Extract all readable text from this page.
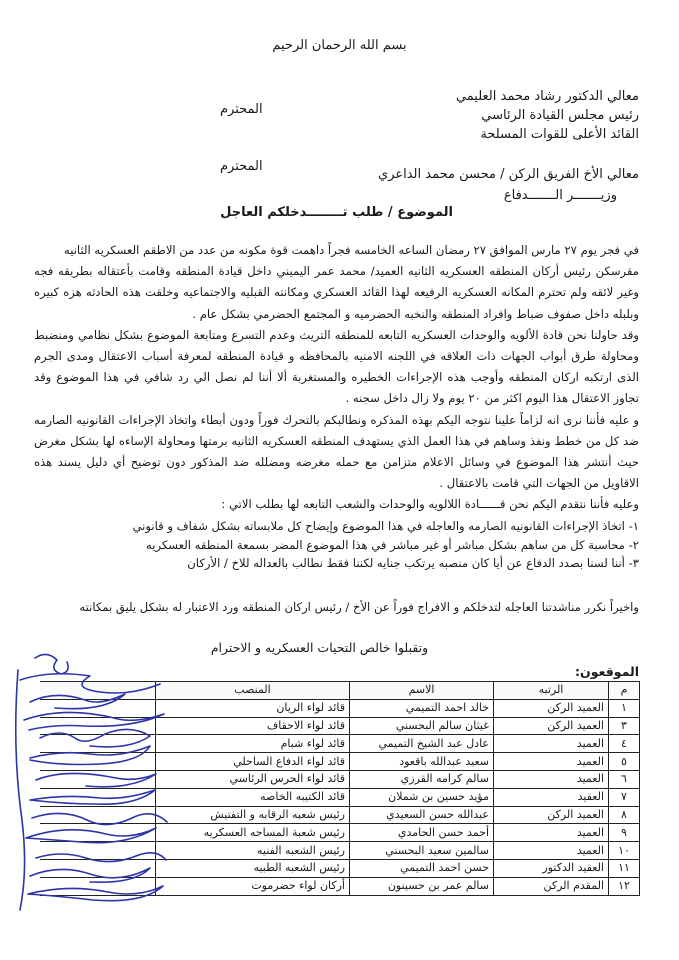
بسم الله الرحمان الرحيم
معالي الدكتور رشاد محمد العليمي
رئيس مجلس القيادة الرئاسي
القائد الأعلى للقوات المسلحة
المحترم
معالي الأخ الفريق الركن / محسن محمد الداعري
وزيـــــــر الـــــــدفاع
المحترم
الموضوع / طلب تــــــــدخلكم العاجل

في فجر يوم ٢٧ مارس الموافق ٢٧ رمضان الساعه الخامسه فجراً داهمت قوة مكونه من عدد من الاطقم العسكريه الثانيه

مقرسكن رئيس أركان المنطقه العسكريه الثانيه العميد/ محمد عمر اليميني داخل قيادة المنطقه وقامت بأعتقاله بطريقه فجه وغير لائقه ولم تحترم المكانه العسكريه الرفيعه لهذا القائد العسكري ومكانته القبليه والاجتماعيه وخلقت هذه الحادثه هزه كبيره وبلبله داخل صفوف ضباط وافراد المنطقه والنخبه الحضرميه و المجتمع الحضرمي بشكل عام .

وقد حاولنا نحن قادة الألويه والوحدات العسكريه التابعه للمنطقه التريث وعدم التسرع ومتابعة الموضوع بشكل نظامي ومنضبط ومحاولة طرق أبواب الجهات ذات العلاقه في اللجنه الامنيه بالمحافظه و قيادة المنطقه لمعرفة أسباب الاعتقال ومدى الجرم الذى ارتكبه اركان المنطقه وأوجب هذه الإجراءات الخطيره والمستغربة ألا أننا لم نصل الي رد شافي في هذا الموضوع وقد تجاوز الاعتقال هذا اليوم اكثر من ٢٠ يوم ولا زال داخل سجنه .

و عليه فأننا نرى انه لزاماً علينا نتوجه اليكم بهذه المذكره ونطالبكم بالتحرك فوراً ودون أبطاء واتخاذ الإجراءات القانونيه الصارمه ضد كل من خطط ونفذ وساهم في هذا العمل الذي يستهدف المنطقه العسكريه الثانيه برمتها ومحاولة الإساءه لها بشكل مغرض حيث أنتشر هذا الموضوع في وسائل الاعلام متزامن مع حمله مغرضه ومضلله ضد المذكور دون توضيح أي دليل يسند هذه الاقاويل من الجهات التي قامت بالاعتقال .

وعليه فأننا نتقدم اليكم نحن قــــــادة اللالويه والوحدات والشعب التابعه لها بطلب الاتي :

١- اتخاذ الإجراءات القانونيه الصارمه والعاجله في هذا الموضوع وإيضاح كل ملابساته بشكل شفاف و قانوني
٢- محاسبة كل من ساهم بشكل مباشر أو غير مباشر في هذا الموضوع المضر بسمعة المنطقه العسكريه
٣- أننا لسنا بصدد الدفاع عن أيا كان منصبه يرتكب جنايه لكننا فقط نطالب بالعداله للاخ / الأركان
واخيراً نكرر مناشدتنا العاجله لتدخلكم و الافراج فوراً عن الأخ / رئيس اركان المنطقه ورد الاعتبار له بشكل يليق بمكانته
وتقبلوا خالص التحيات العسكريه و الاحترام
الموقعون:
م	الرتبه	الاسم	المنصب	
١	العميد الركن	خالد احمد التميمي	قائد لواء الريان	
٣	العميد الركن	غيثان سالم البحسني	قائد لواء الاحقاف	
٤	العميد	عادل عبد الشيخ التميمي	قائد لواء شبام	
٥	العميد	سعيد عبدالله باقعود	قائد لواء الدفاع الساحلي	
٦	العميد	سالم كرامه القرزي	قائد لواء الحرس الرئاسي	
٧	العقيد	مؤيد حسين بن شملان	قائد الكتيبه الخاصه	
٨	العميد الركن	عبدالله حسن السعيدي	رئيس شعبه الرقابه و التفتيش	
٩	العميد	أحمد حسن الحامدي	رئيس شعبة المساحه العسكريه	
١٠	العميد	سالمين سعيد البحسني	رئيس الشعبه الفنيه	
١١	العقيد الدكتور	حسن احمد التميمي	رئيس الشعبه الطبيه	
١٢	المقدم الركن	سالم عمر بن حسينون	أركان لواء حضرموت	
